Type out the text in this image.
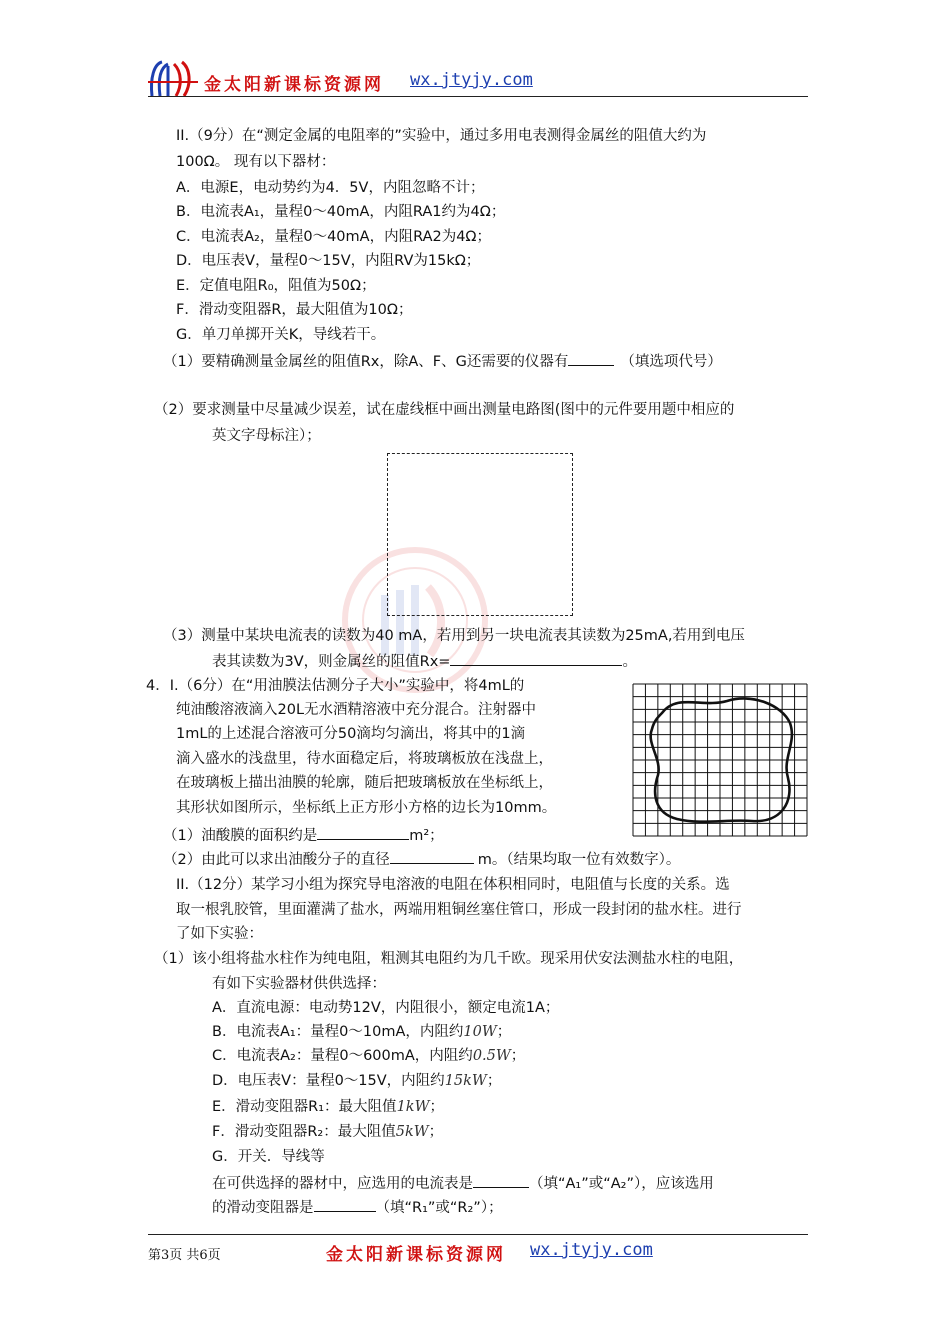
金太阳新课标资源网 wx.jtyjy.com
II.（9分）在“测定金属的电阻率的”实验中，通过多用电表测得金属丝的阻值大约为
100Ω。 现有以下器材：
A．电源E，电动势约为4．5V，内阻忽略不计；
B．电流表A₁，量程0～40mA，内阻RA1约为4Ω；
C．电流表A₂，量程0～40mA，内阻RA2为4Ω；
D．电压表V，量程0～15V，内阻RV为15kΩ；
E．定值电阻R₀，阻值为50Ω；
F．滑动变阻器R，最大阻值为10Ω；
G．单刀单掷开关K，导线若干。
（1）要精确测量金属丝的阻值Rx，除A、F、G还需要的仪器有	（填选项代号）
（2）要求测量中尽量减少误差，试在虚线框中画出测量电路图(图中的元件要用题中相应的
英文字母标注）；
（3）测量中某块电流表的读数为40 mA，若用到另一块电流表其读数为25mA,若用到电压
表其读数为3V，则金属丝的阻值Rx=	。
4．I.（6分）在“用油膜法估测分子大小”实验中，将4mL的
纯油酸溶液滴入20L无水酒精溶液中充分混合。注射器中
1mL的上述混合溶液可分50滴均匀滴出，将其中的1滴
滴入盛水的浅盘里，待水面稳定后，将玻璃板放在浅盘上，
在玻璃板上描出油膜的轮廓，随后把玻璃板放在坐标纸上，
其形状如图所示，坐标纸上正方形小方格的边长为10mm。
（1）油酸膜的面积约是	m²；
（2）由此可以求出油酸分子的直径	m。（结果均取一位有效数字）。
II.（12分）某学习小组为探究导电溶液的电阻在体积相同时，电阻值与长度的关系。选
取一根乳胶管，里面灌满了盐水，两端用粗铜丝塞住管口，形成一段封闭的盐水柱。进行
了如下实验：
（1）该小组将盐水柱作为纯电阻，粗测其电阻约为几千欧。现采用伏安法测盐水柱的电阻，
有如下实验器材供供选择：
A．直流电源：电动势12V，内阻很小，额定电流1A；
B．电流表A₁：量程0～10mA，内阻约10W；
C．电流表A₂：量程0～600mA，内阻约0.5W；
D．电压表V：量程0～15V，内阻约15kW；
E．滑动变阻器R₁：最大阻值1kW；
F．滑动变阻器R₂：最大阻值5kW；
G．开关．导线等
在可供选择的器材中，应选用的电流表是	（填“A₁”或“A₂”），应该选用
的滑动变阻器是	（填“R₁”或“R₂”）；
第3页 共6页	金太阳新课标资源网 wx.jtyjy.com
